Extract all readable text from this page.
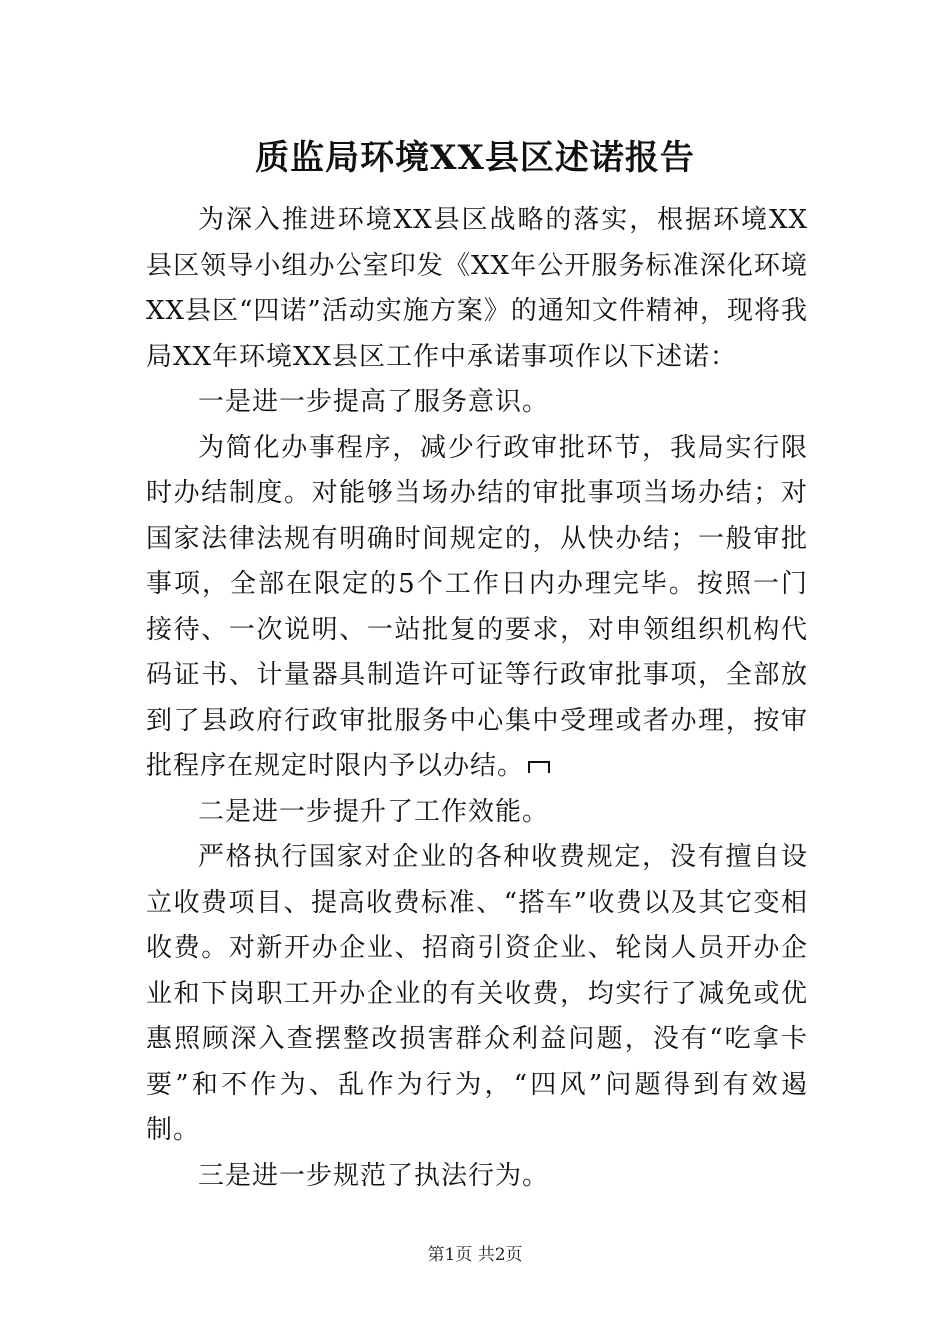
质监局环境XX县区述诺报告

为深入推进环境XX县区战略的落实，根据环境XX县区领导小组办公室印发《XX年公开服务标准深化环境XX县区“四诺”活动实施方案》的通知文件精神，现将我局XX年环境XX县区工作中承诺事项作以下述诺：

一是进一步提高了服务意识。

为简化办事程序，减少行政审批环节，我局实行限时办结制度。对能够当场办结的审批事项当场办结；对国家法律法规有明确时间规定的，从快办结；一般审批事项，全部在限定的5个工作日内办理完毕。按照一门接待、一次说明、一站批复的要求，对申领组织机构代码证书、计量器具制造许可证等行政审批事项，全部放到了县政府行政审批服务中心集中受理或者办理，按审批程序在规定时限内予以办结。

二是进一步提升了工作效能。

严格执行国家对企业的各种收费规定，没有擅自设立收费项目、提高收费标准、“搭车”收费以及其它变相收费。对新开办企业、招商引资企业、轮岗人员开办企业和下岗职工开办企业的有关收费，均实行了减免或优惠照顾深入查摆整改损害群众利益问题，没有“吃拿卡要”和不作为、乱作为行为，“四风”问题得到有效遏制。

三是进一步规范了执法行为。

第1页 共2页
